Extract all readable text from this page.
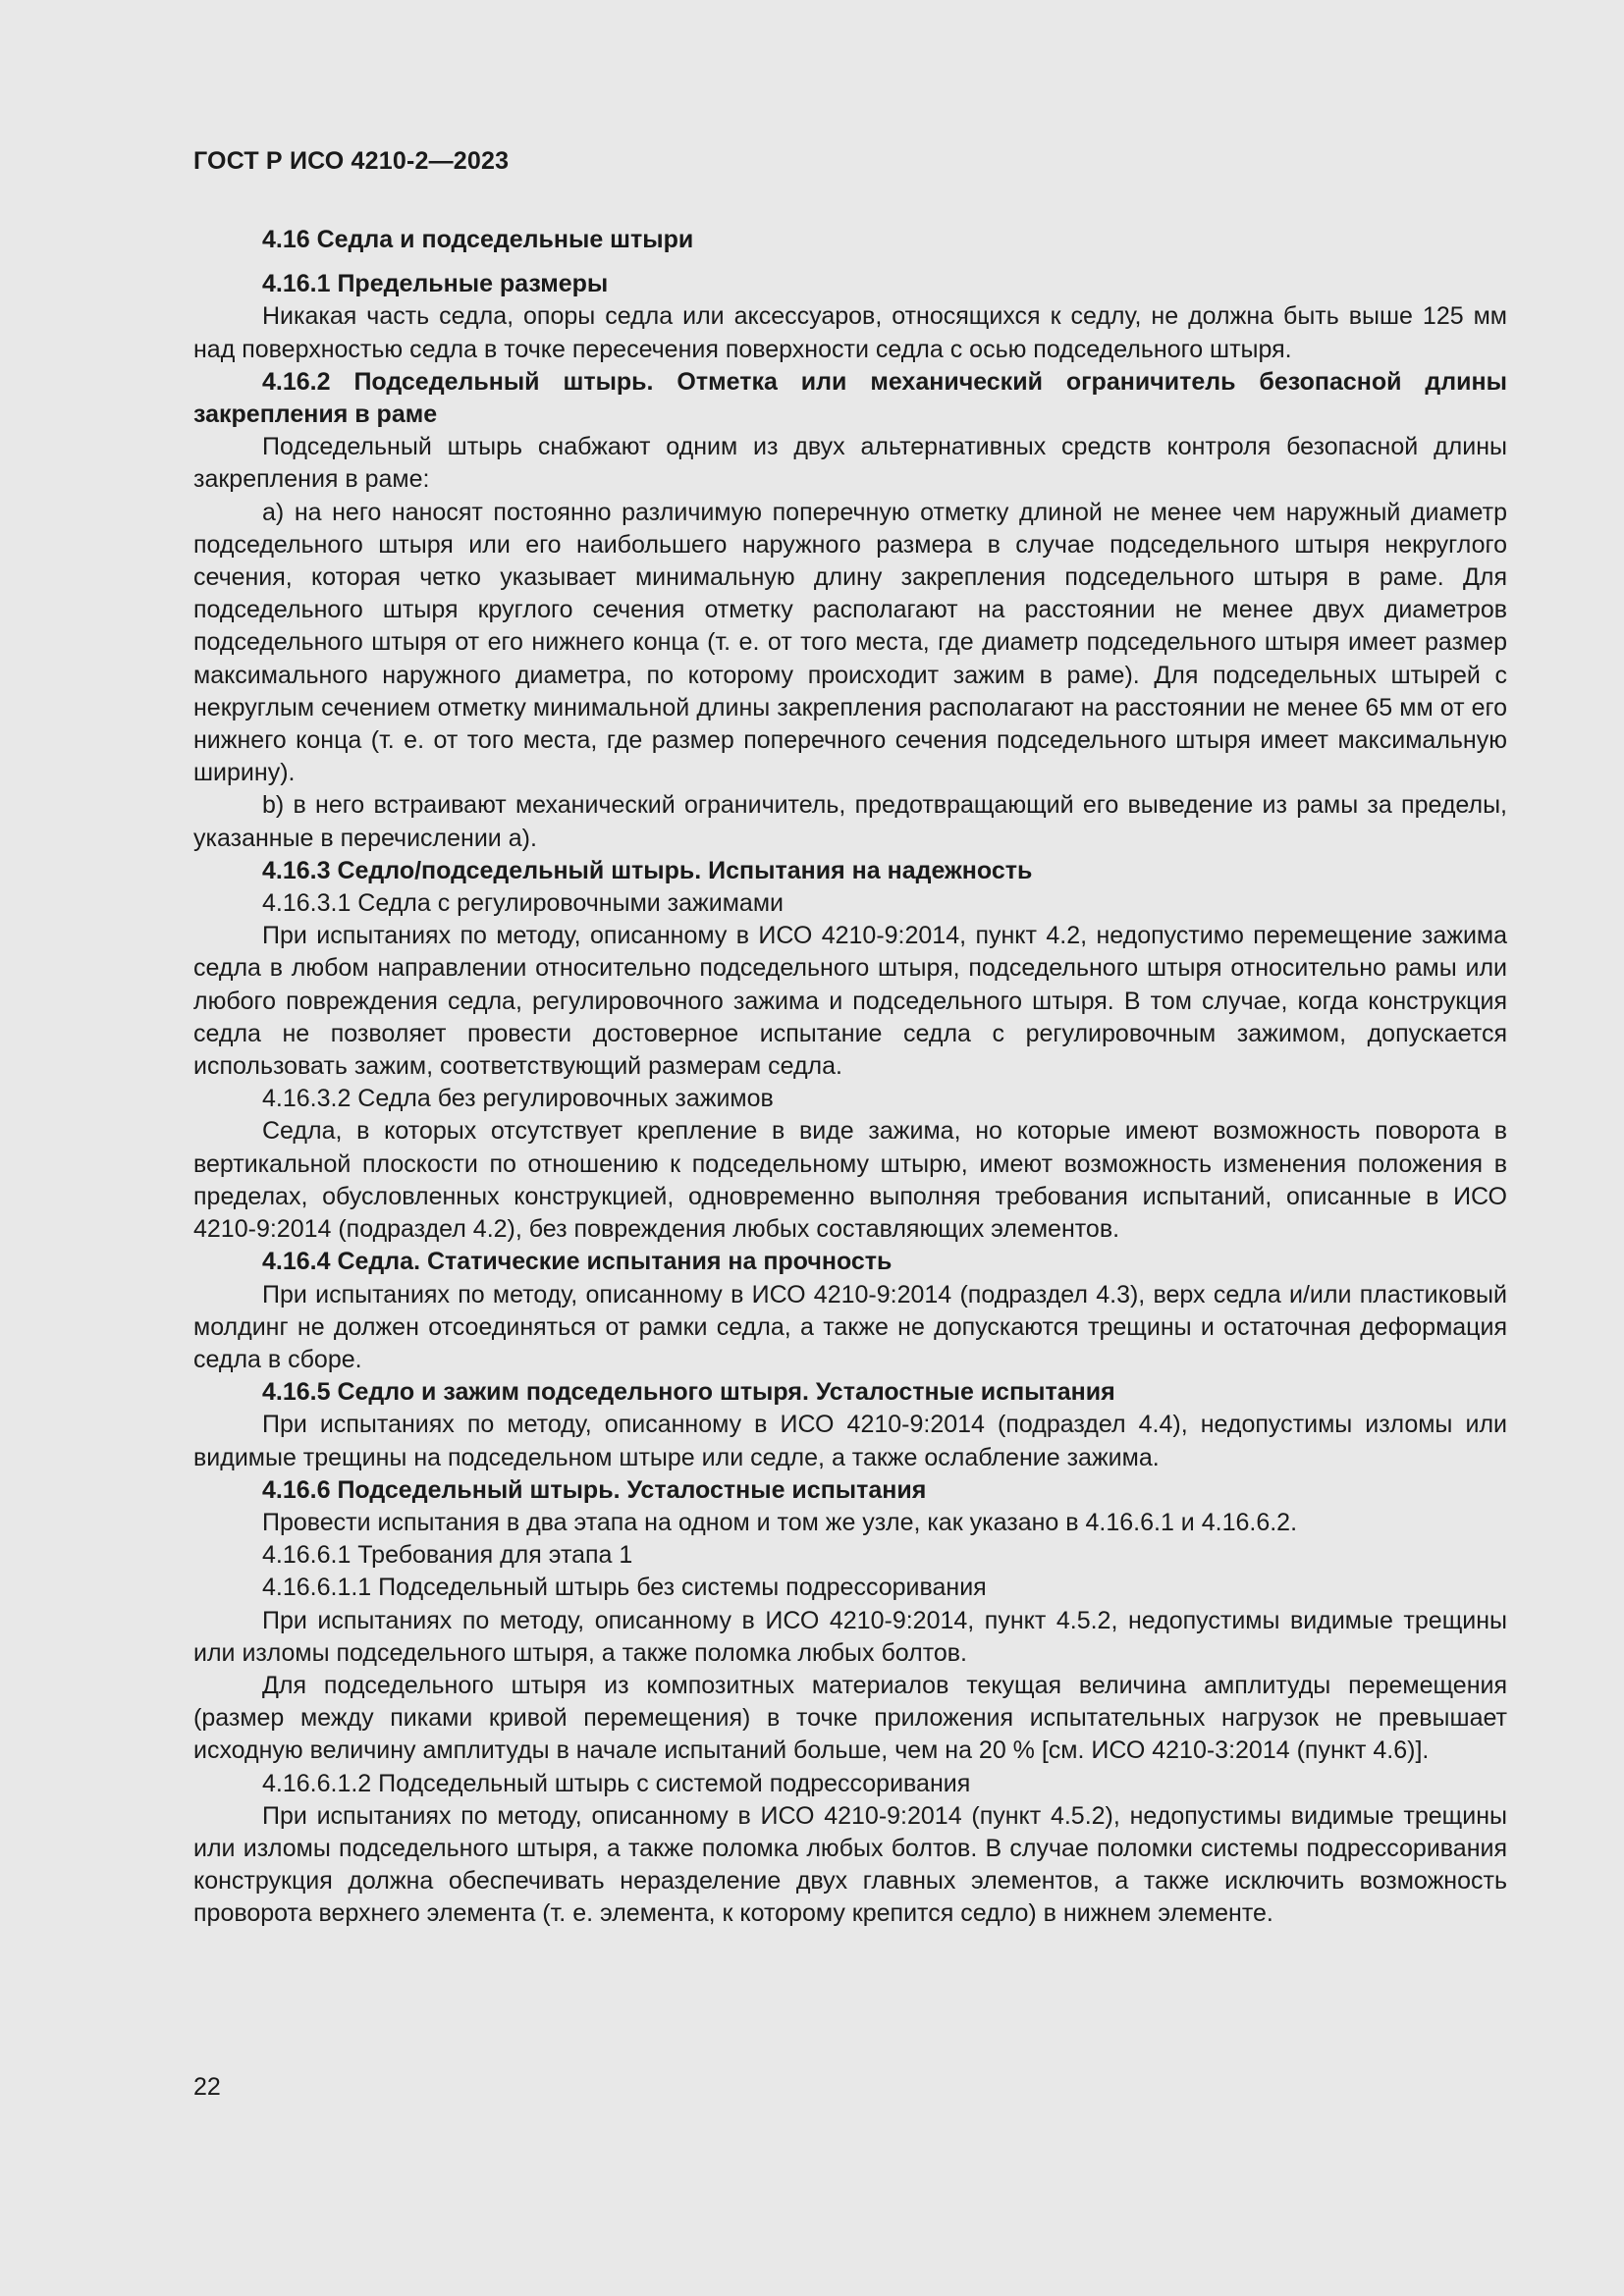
ГОСТ Р ИСО 4210-2—2023

4.16 Седла и подседельные штыри

4.16.1 Предельные размеры

Никакая часть седла, опоры седла или аксессуаров, относящихся к седлу, не должна быть выше 125 мм над поверхностью седла в точке пересечения поверхности седла с осью подседельного штыря.

4.16.2 Подседельный штырь. Отметка или механический ограничитель безопасной длины закрепления в раме

Подседельный штырь снабжают одним из двух альтернативных средств контроля безопасной длины закрепления в раме:

а) на него наносят постоянно различимую поперечную отметку длиной не менее чем наружный диаметр подседельного штыря или его наибольшего наружного размера в случае подседельного штыря некруглого сечения, которая четко указывает минимальную длину закрепления подседельного штыря в раме. Для подседельного штыря круглого сечения отметку располагают на расстоянии не менее двух диаметров подседельного штыря от его нижнего конца (т. е. от того места, где диаметр подседельного штыря имеет размер максимального наружного диаметра, по которому происходит зажим в раме). Для подседельных штырей с некруглым сечением отметку минимальной длины закрепления располагают на расстоянии не менее 65 мм от его нижнего конца (т. е. от того места, где размер поперечного сечения подседельного штыря имеет максимальную ширину).

b) в него встраивают механический ограничитель, предотвращающий его выведение из рамы за пределы, указанные в перечислении а).

4.16.3 Седло/подседельный штырь. Испытания на надежность

4.16.3.1 Седла с регулировочными зажимами

При испытаниях по методу, описанному в ИСО 4210-9:2014, пункт 4.2, недопустимо перемещение зажима седла в любом направлении относительно подседельного штыря, подседельного штыря относительно рамы или любого повреждения седла, регулировочного зажима и подседельного штыря. В том случае, когда конструкция седла не позволяет провести достоверное испытание седла с регулировочным зажимом, допускается использовать зажим, соответствующий размерам седла.

4.16.3.2 Седла без регулировочных зажимов

Седла, в которых отсутствует крепление в виде зажима, но которые имеют возможность поворота в вертикальной плоскости по отношению к подседельному штырю, имеют возможность изменения положения в пределах, обусловленных конструкцией, одновременно выполняя требования испытаний, описанные в ИСО 4210-9:2014 (подраздел 4.2), без повреждения любых составляющих элементов.

4.16.4 Седла. Статические испытания на прочность

При испытаниях по методу, описанному в ИСО 4210-9:2014 (подраздел 4.3), верх седла и/или пластиковый молдинг не должен отсоединяться от рамки седла, а также не допускаются трещины и остаточная деформация седла в сборе.

4.16.5 Седло и зажим подседельного штыря. Усталостные испытания

При испытаниях по методу, описанному в ИСО 4210-9:2014 (подраздел 4.4), недопустимы изломы или видимые трещины на подседельном штыре или седле, а также ослабление зажима.

4.16.6 Подседельный штырь. Усталостные испытания

Провести испытания в два этапа на одном и том же узле, как указано в 4.16.6.1 и 4.16.6.2.

4.16.6.1 Требования для этапа 1

4.16.6.1.1 Подседельный штырь без системы подрессоривания

При испытаниях по методу, описанному в ИСО 4210-9:2014, пункт 4.5.2, недопустимы видимые трещины или изломы подседельного штыря, а также поломка любых болтов.

Для подседельного штыря из композитных материалов текущая величина амплитуды перемещения (размер между пиками кривой перемещения) в точке приложения испытательных нагрузок не превышает исходную величину амплитуды в начале испытаний больше, чем на 20 % [см. ИСО 4210-3:2014 (пункт 4.6)].

4.16.6.1.2 Подседельный штырь с системой подрессоривания

При испытаниях по методу, описанному в ИСО 4210-9:2014 (пункт 4.5.2), недопустимы видимые трещины или изломы подседельного штыря, а также поломка любых болтов. В случае поломки системы подрессоривания конструкция должна обеспечивать неразделение двух главных элементов, а также исключить возможность проворота верхнего элемента (т. е. элемента, к которому крепится седло) в нижнем элементе.

22
